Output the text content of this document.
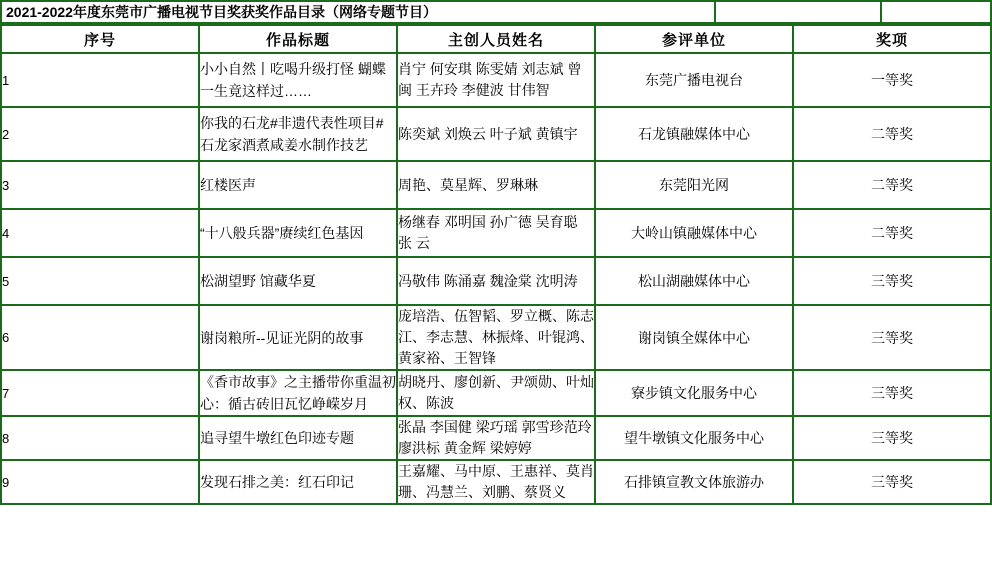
2021-2022年度东莞市广播电视节目奖获奖作品目录（网络专题节目）
序号	作品标题	主创人员姓名	参评单位	奖项
1	小小自然丨吃喝升级打怪 蝴蝶一生竟这样过……	肖宁 何安琪 陈雯婧 刘志斌 曾闽 王卉玲 李健波 甘伟智	东莞广播电视台	一等奖
2	你我的石龙#非遗代表性项目#石龙家酒煮咸姜水制作技艺	陈奕斌 刘焕云 叶子斌 黄镇宇	石龙镇融媒体中心	二等奖
3	红楼医声	周艳、莫星辉、罗琳琳	东莞阳光网	二等奖
4	“十八般兵器”赓续红色基因	杨继春 邓明国 孙广德 吴育聪 张 云	大岭山镇融媒体中心	二等奖
5	松湖望野 馆藏华夏	冯敬伟 陈涌嘉 魏淦棠 沈明涛	松山湖融媒体中心	三等奖
6	谢岗粮所--见证光阴的故事	庞培浩、伍智韬、罗立概、陈志江、李志慧、林振烽、叶锟鸿、黄家裕、王智锋	谢岗镇全媒体中心	三等奖
7	《香市故事》之主播带你重温初心：循古砖旧瓦忆峥嵘岁月	胡晓丹、廖创新、尹颂勋、叶灿权、陈波	寮步镇文化服务中心	三等奖
8	追寻望牛墩红色印迹专题	张晶 李国健 梁巧瑶 郭雪珍范玲 廖洪标 黄金辉 梁婷婷	望牛墩镇文化服务中心	三等奖
9	发现石排之美：红石印记	王嘉耀、马中原、王惠祥、莫肖珊、冯慧兰、刘鹏、蔡贤义	石排镇宣教文体旅游办	三等奖
